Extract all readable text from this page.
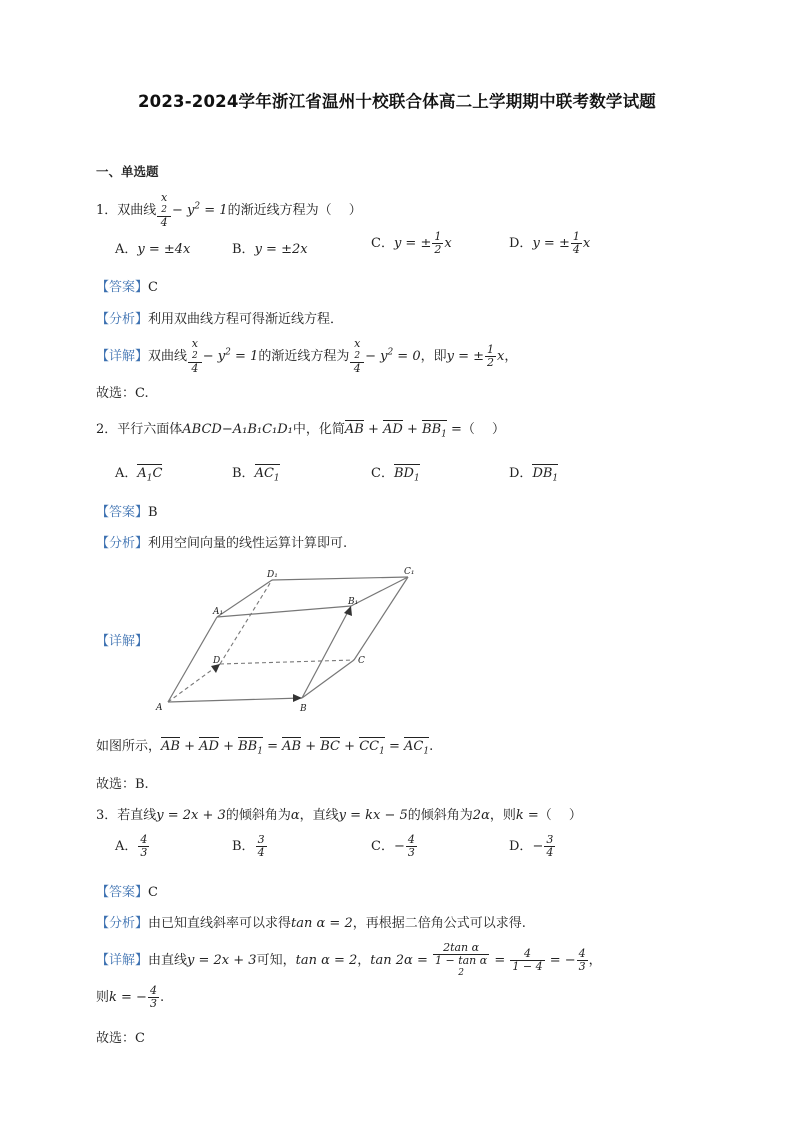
2023-2024学年浙江省温州十校联合体高二上学期期中联考数学试题
一、单选题
1．双曲线 x
2
$4 - y^2 = 1$的渐近线方程为（　 ）
A．y = ±4x	B．y = ±2x	C．y = ± $\frac{1}{2}$ x	D．y = ± $\frac{1}{4}$ x
【答案】C
【分析】利用双曲线方程可得渐近线方程．
【详解】双曲线 x
2
$4 - y^2 = 1$的渐近线方程为 x
2
$4 - y^2 = 0$，即y = ± $\frac{1}{2}$ x，
故选：C.
2．平行六面体ABCD−A₁B₁C₁D₁中，化简AB + AD + $BB_1$ =（　 ）
A．$A_1C$	B．$AC_1$	C．$BD_1$	D．$DB_1$
【答案】B
【分析】利用空间向量的线性运算计算即可.
【详解】
A	B
C
D
A₁
B₁
C₁
D₁
如图所示，AB + AD + $BB_1$ = AB + BC + $CC_1 = AC_1$.
故选：B.
3．若直线y = 2x + 3的倾斜角为α，直线y = kx − 5的倾斜角为2α，则k =（　 ）
A． $\frac{4}{3}$	B． $\frac{3}{4}$	C．− $\frac{4}{3}$	D．− $\frac{3}{4}$
【答案】C
【分析】由已知直线斜率可以求得tan α = 2，再根据二倍角公式可以求得.
【详解】由直线y = 2x + 3可知，tan α = 2，tan 2α = 2tan α
1 − tan α
$2 = \frac{4}{1 - 4}$ = − $\frac{4}{3}$ ，
则k = − $\frac{4}{3}$ .
故选：C
